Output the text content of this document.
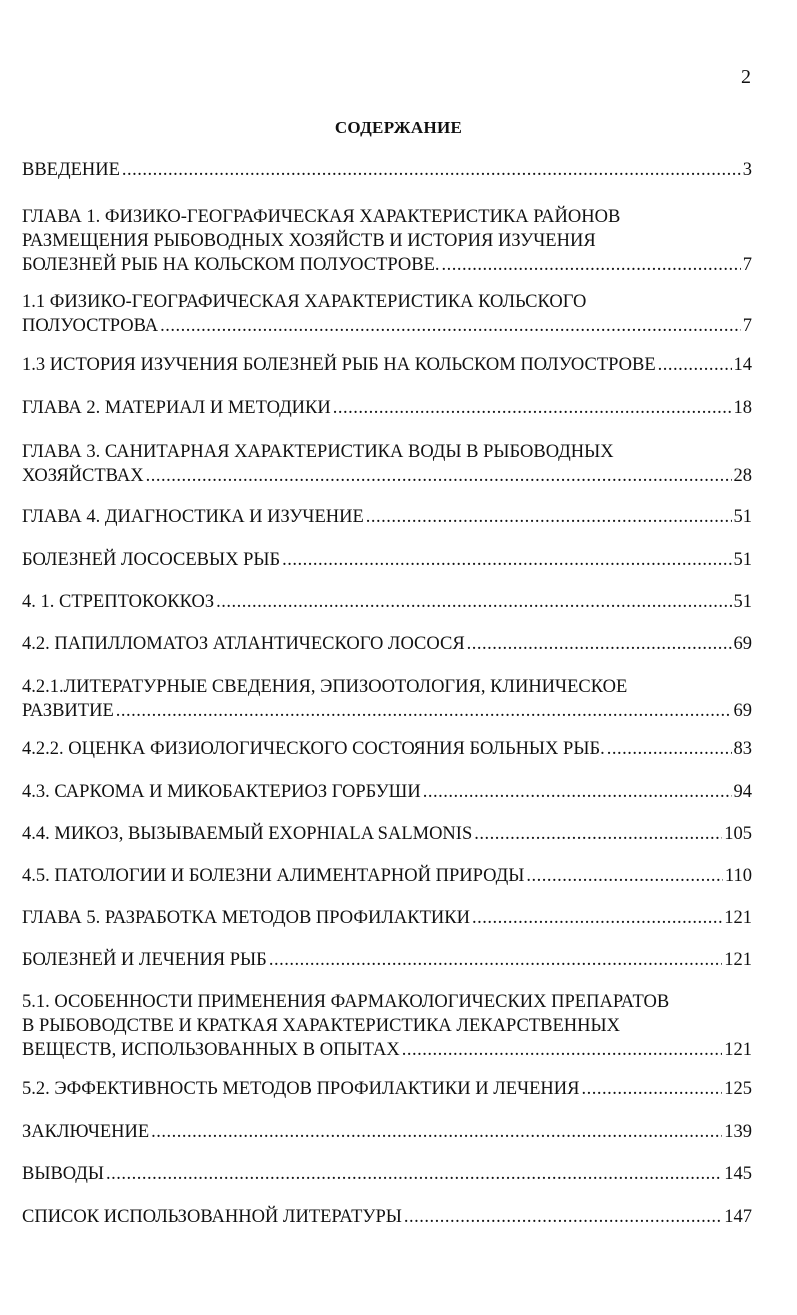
2
СОДЕРЖАНИЕ
ВВЕДЕНИЕ .....	3
ГЛАВА 1. ФИЗИКО-ГЕОГРАФИЧЕСКАЯ ХАРАКТЕРИСТИКА РАЙОНОВ
РАЗМЕЩЕНИЯ РЫБОВОДНЫХ ХОЗЯЙСТВ И ИСТОРИЯ ИЗУЧЕНИЯ
БОЛЕЗНЕЙ РЫБ НА КОЛЬСКОМ ПОЛУОСТРОВЕ. .....	7
1.1 ФИЗИКО-ГЕОГРАФИЧЕСКАЯ ХАРАКТЕРИСТИКА КОЛЬСКОГО
ПОЛУОСТРОВА .....	7
1.3 ИСТОРИЯ ИЗУЧЕНИЯ БОЛЕЗНЕЙ РЫБ НА КОЛЬСКОМ ПОЛУОСТРОВЕ .....	14
ГЛАВА 2. МАТЕРИАЛ И МЕТОДИКИ .....	18
ГЛАВА 3. САНИТАРНАЯ ХАРАКТЕРИСТИКА ВОДЫ В РЫБОВОДНЫХ
ХОЗЯЙСТВАХ .....	28
ГЛАВА 4. ДИАГНОСТИКА И ИЗУЧЕНИЕ .....	51
БОЛЕЗНЕЙ ЛОСОСЕВЫХ РЫБ .....	51
4. 1. СТРЕПТОКОККОЗ .....	51
4.2. ПАПИЛЛОМАТОЗ АТЛАНТИЧЕСКОГО ЛОСОСЯ .....	69
4.2.1.ЛИТЕРАТУРНЫЕ СВЕДЕНИЯ, ЭПИЗООТОЛОГИЯ, КЛИНИЧЕСКОЕ
РАЗВИТИЕ .....	69
4.2.2. ОЦЕНКА ФИЗИОЛОГИЧЕСКОГО СОСТОЯНИЯ БОЛЬНЫХ РЫБ. .....	83
4.3. САРКОМА И МИКОБАКТЕРИОЗ ГОРБУШИ .....	94
4.4. МИКОЗ, ВЫЗЫВАЕМЫЙ EXOPHIALA SALMONIS .....	105
4.5. ПАТОЛОГИИ И БОЛЕЗНИ АЛИМЕНТАРНОЙ ПРИРОДЫ .....	110
ГЛАВА 5. РАЗРАБОТКА МЕТОДОВ ПРОФИЛАКТИКИ .....	121
БОЛЕЗНЕЙ И ЛЕЧЕНИЯ РЫБ .....	121
5.1. ОСОБЕННОСТИ ПРИМЕНЕНИЯ ФАРМАКОЛОГИЧЕСКИХ ПРЕПАРАТОВ
В РЫБОВОДСТВЕ И КРАТКАЯ ХАРАКТЕРИСТИКА ЛЕКАРСТВЕННЫХ
ВЕЩЕСТВ, ИСПОЛЬЗОВАННЫХ В ОПЫТАХ .....	121
5.2. ЭФФЕКТИВНОСТЬ МЕТОДОВ ПРОФИЛАКТИКИ И ЛЕЧЕНИЯ .....	125
ЗАКЛЮЧЕНИЕ .....	139
ВЫВОДЫ .....	145
СПИСОК ИСПОЛЬЗОВАННОЙ ЛИТЕРАТУРЫ .....	147
